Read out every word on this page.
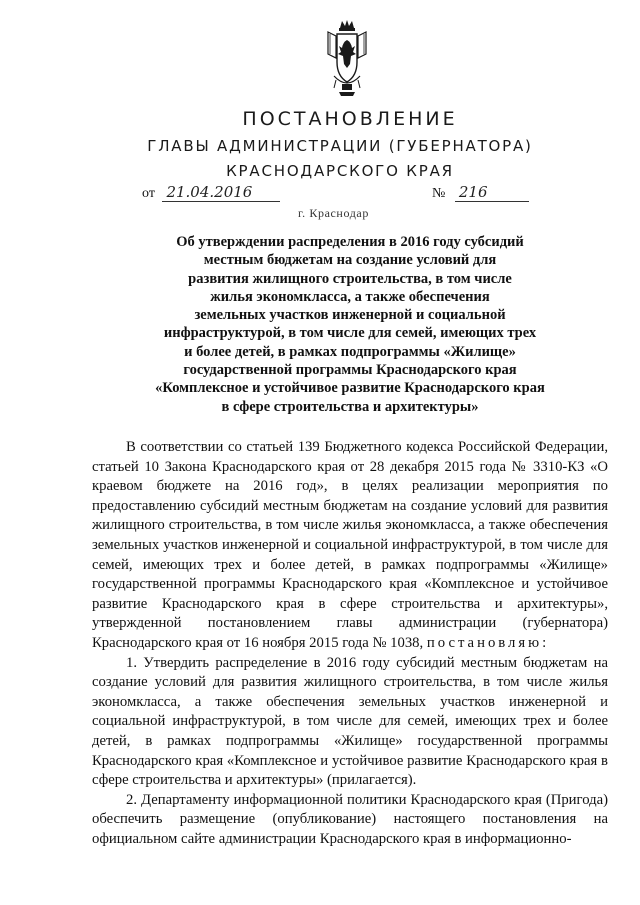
ПОСТАНОВЛЕНИЕ
ГЛАВЫ АДМИНИСТРАЦИИ (ГУБЕРНАТОРА)
КРАСНОДАРСКОГО КРАЯ
от 21.04.2016	№ 216
г. Краснодар
Об утверждении распределения в 2016 году субсидий
местным бюджетам на создание условий для
развития жилищного строительства, в том числе
жилья экономкласса, а также обеспечения
земельных участков инженерной и социальной
инфраструктурой, в том числе для семей, имеющих трех
и более детей, в рамках подпрограммы «Жилище»
государственной программы Краснодарского края
«Комплексное и устойчивое развитие Краснодарского края
в сфере строительства и архитектуры»

В соответствии со статьей 139 Бюджетного кодекса Российской Федерации, статьей 10 Закона Краснодарского края от 28 декабря 2015 года № 3310-КЗ «О краевом бюджете на 2016 год», в целях реализации мероприятия по предоставлению субсидий местным бюджетам на создание условий для развития жилищного строительства, в том числе жилья экономкласса, а также обеспечения земельных участков инженерной и социальной инфраструктурой, в том числе для семей, имеющих трех и более детей, в рамках подпрограммы «Жилище» государственной программы Краснодарского края «Комплексное и устойчивое развитие Краснодарского края в сфере строительства и архитектуры», утвержденной постановлением главы администрации (губернатора) Краснодарского края от 16 ноября 2015 года № 1038, постановляю:

1. Утвердить распределение в 2016 году субсидий местным бюджетам на создание условий для развития жилищного строительства, в том числе жилья экономкласса, а также обеспечения земельных участков инженерной и социальной инфраструктурой, в том числе для семей, имеющих трех и более детей, в рамках подпрограммы «Жилище» государственной программы Краснодарского края «Комплексное и устойчивое развитие Краснодарского края в сфере строительства и архитектуры» (прилагается).

2. Департаменту информационной политики Краснодарского края (Пригода) обеспечить размещение (опубликование) настоящего постановления на официальном сайте администрации Краснодарского края в информационно-
